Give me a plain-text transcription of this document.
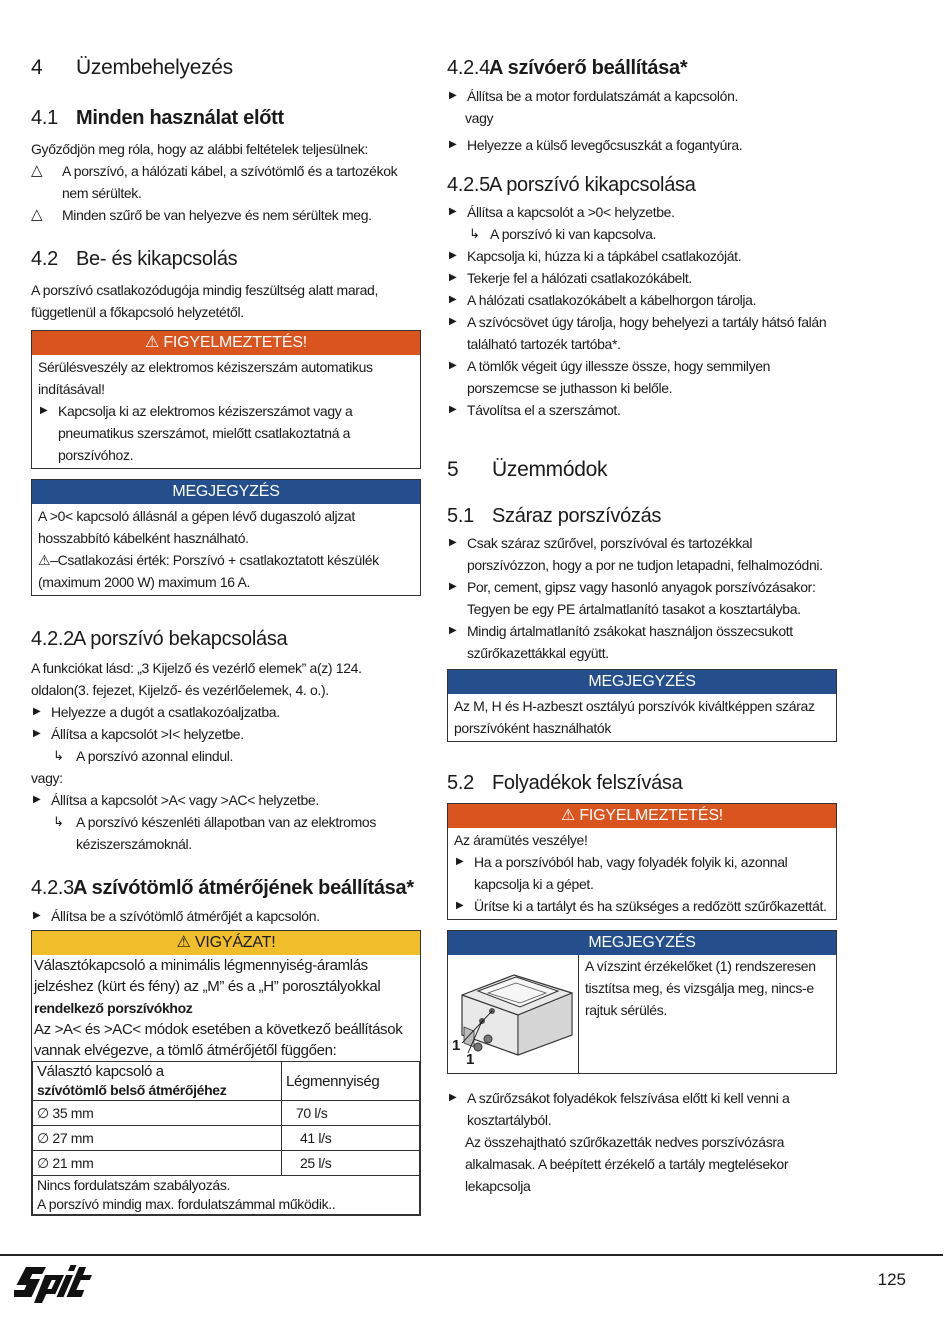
4	Üzembehelyezés
4.1 Minden használat előtt

Győződjön meg róla, hogy az alábbi feltételek teljesülnek:

△ A porszívó, a hálózati kábel, a szívótömlő és a tartozékok nem sérültek.
△ Minden szűrő be van helyezve és nem sérültek meg.
4.2 Be- és kikapcsolás

A porszívó csatlakozódugója mindig feszültség alatt marad, függetlenül a főkapcsoló helyzetétől.

⚠ FIGYELMEZTETÉS!

Sérülésveszély az elektromos kéziszerszám automatikus indításával!

▶ Kapcsolja ki az elektromos kéziszerszámot vagy a pneumatikus szerszámot, mielőtt csatlakoztatná a porszívóhoz.
MEGJEGYZÉS

A >0< kapcsoló állásnál a gépen lévő dugaszoló aljzat hosszabbító kábelként használható.

⚠–Csatlakozási érték: Porszívó + csatlakoztatott készülék (maximum 2000 W) maximum 16 A.

4.2.2 A porszívó bekapcsolása

A funkciókat lásd: „3 Kijelző és vezérlő elemek” a(z) 124. oldalon(3. fejezet, Kijelző- és vezérlőelemek, 4. o.).

▶ Helyezze a dugót a csatlakozóaljzatba.
▶ Állítsa a kapcsolót >I< helyzetbe.
↳ A porszívó azonnal elindul.

vagy:

▶ Állítsa a kapcsolót >A< vagy >AC< helyzetbe.
↳ A porszívó készenléti állapotban van az elektromos kéziszerszámoknál.
4.2.3 A szívótömlő átmérőjének beállítása*
▶ Állítsa be a szívótömlő átmérőjét a kapcsolón.
⚠ VIGYÁZAT!

Választókapcsoló a minimális légmennyiség-áramlás jelzéshez (kürt és fény) az „M” és a „H” porosztályokkal

rendelkező porszívókhoz

Az >A< és >AC< módok esetében a következő beállítások vannak elvégezve, a tömlő átmérőjétől függően:

Választó kapcsoló a
szívótömlő belső átmérőjéhez	Légmennyiség
∅ 35 mm	70 l/s
∅ 27 mm	41 l/s
∅ 21 mm	25 l/s

Nincs fordulatszám szabályozás.
A porszívó mindig max. fordulatszámmal működik..	
4.2.4 A szívóerő beállítása*
▶ Állítsa be a motor fordulatszámát a kapcsolón.

vagy

▶ Helyezze a külső levegőcsuszkát a fogantyúra.
4.2.5 A porszívó kikapcsolása
▶ Állítsa a kapcsolót a >0< helyzetbe.
↳ A porszívó ki van kapcsolva.
▶ Kapcsolja ki, húzza ki a tápkábel csatlakozóját.
▶ Tekerje fel a hálózati csatlakozókábelt.
▶ A hálózati csatlakozókábelt a kábelhorgon tárolja.
▶ A szívócsövet úgy tárolja, hogy behelyezi a tartály hátsó falán található tartozék tartóba*.
▶ A tömlők végeit úgy illessze össze, hogy semmilyen porszemcse se juthasson ki belőle.
▶ Távolítsa el a szerszámot.
5	Üzemmódok
5.1 Száraz porszívózás
▶ Csak száraz szűrővel, porszívóval és tartozékkal porszívózzon, hogy a por ne tudjon letapadni, felhalmozódni.
▶ Por, cement, gipsz vagy hasonló anyagok porszívózásakor: Tegyen be egy PE ártalmatlanító tasakot a kosztartályba.
▶ Mindig ártalmatlanító zsákokat használjon összecsukott szűrőkazettákkal együtt.
MEGJEGYZÉS

Az M, H és H-azbeszt osztályú porszívók kiváltképpen száraz porszívóként használhatók

5.2 Folyadékok felszívása
⚠ FIGYELMEZTETÉS!

Az áramütés veszélye!

▶ Ha a porszívóból hab, vagy folyadék folyik ki, azonnal kapcsolja ki a gépet.
▶ Ürítse ki a tartályt és ha szükséges a redőzött szűrőkazettát.
MEGJEGYZÉS
1
1

A vízszint érzékelőket (1) rendszeresen tisztítsa meg, és vizsgálja meg, nincs-e rajtuk sérülés.

▶ A szűrőzsákot folyadékok felszívása előtt ki kell venni a kosztartályból.

Az összehajtható szűrőkazetták nedves porszívózásra alkalmasak. A beépített érzékelő a tartály megtelésekor lekapcsolja

125
